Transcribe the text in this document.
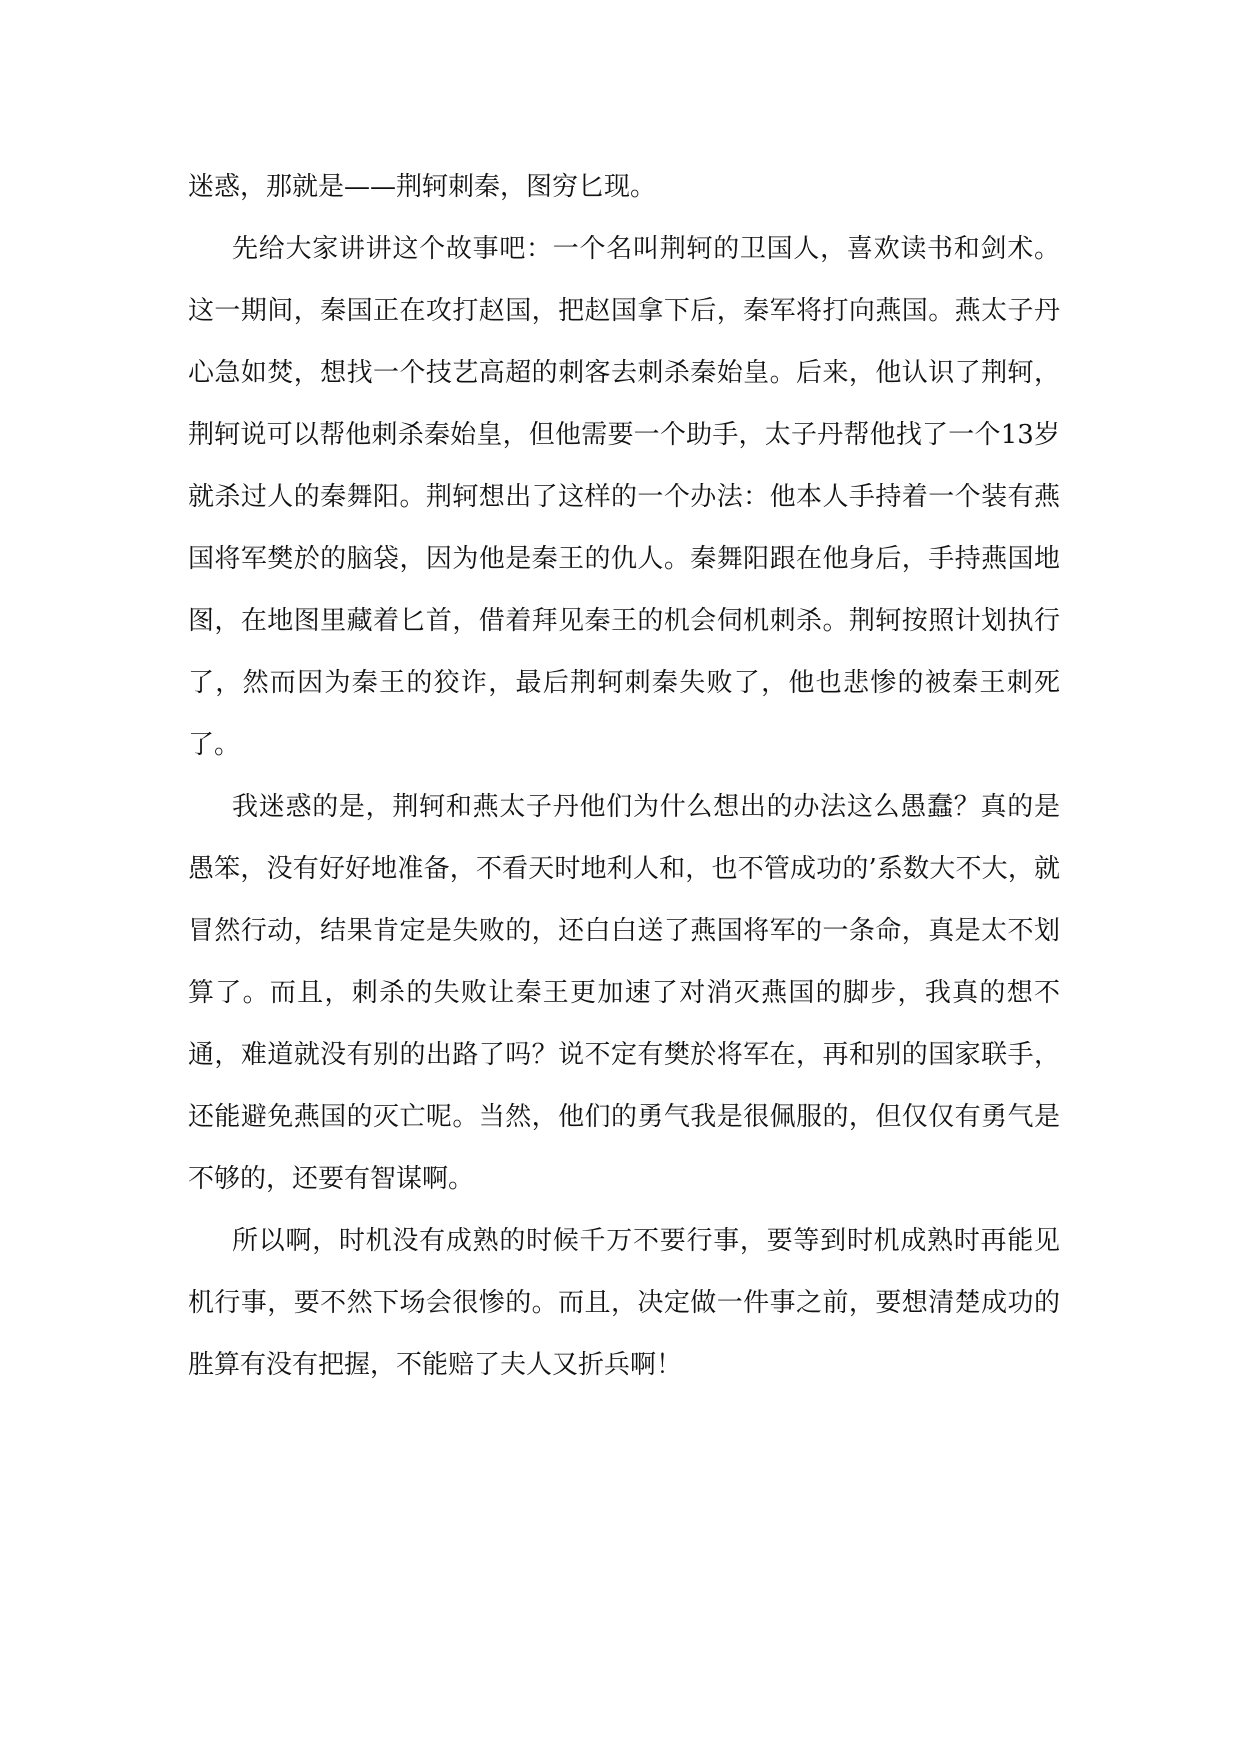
迷惑，那就是——荆轲刺秦，图穷匕现。

先给大家讲讲这个故事吧：一个名叫荆轲的卫国人，喜欢读书和剑术。这一期间，秦国正在攻打赵国，把赵国拿下后，秦军将打向燕国。燕太子丹心急如焚，想找一个技艺高超的刺客去刺杀秦始皇。后来，他认识了荆轲，荆轲说可以帮他刺杀秦始皇，但他需要一个助手，太子丹帮他找了一个13岁就杀过人的秦舞阳。荆轲想出了这样的一个办法：他本人手持着一个装有燕国将军樊於的脑袋，因为他是秦王的仇人。秦舞阳跟在他身后，手持燕国地图，在地图里藏着匕首，借着拜见秦王的机会伺机刺杀。荆轲按照计划执行了，然而因为秦王的狡诈，最后荆轲刺秦失败了，他也悲惨的被秦王刺死了。

我迷惑的是，荆轲和燕太子丹他们为什么想出的办法这么愚蠢？真的是愚笨，没有好好地准备，不看天时地利人和，也不管成功的’系数大不大，就冒然行动，结果肯定是失败的，还白白送了燕国将军的一条命，真是太不划算了。而且，刺杀的失败让秦王更加速了对消灭燕国的脚步，我真的想不通，难道就没有别的出路了吗？说不定有樊於将军在，再和别的国家联手，还能避免燕国的灭亡呢。当然，他们的勇气我是很佩服的，但仅仅有勇气是不够的，还要有智谋啊。

所以啊，时机没有成熟的时候千万不要行事，要等到时机成熟时再能见机行事，要不然下场会很惨的。而且，决定做一件事之前，要想清楚成功的胜算有没有把握，不能赔了夫人又折兵啊！
